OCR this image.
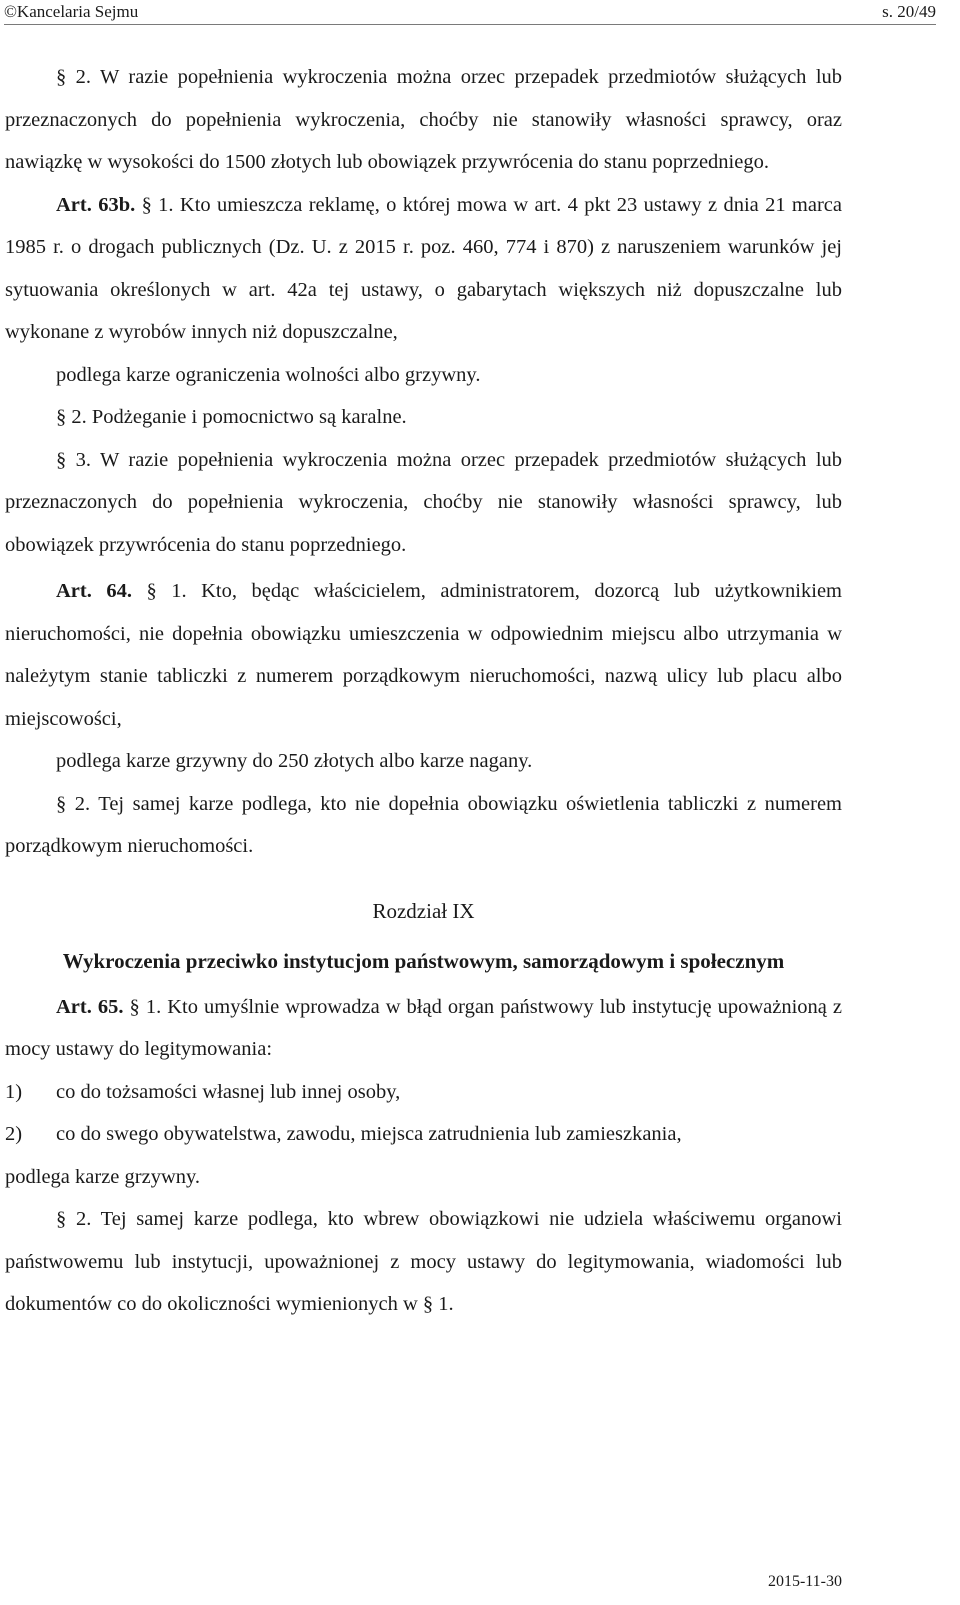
©Kancelaria Sejmu	s. 20/49

§ 2. W razie popełnienia wykroczenia można orzec przepadek przedmiotów służących lub przeznaczonych do popełnienia wykroczenia, choćby nie stanowiły własności sprawcy, oraz nawiązkę w wysokości do 1500 złotych lub obowiązek przywrócenia do stanu poprzedniego.

Art. 63b. § 1. Kto umieszcza reklamę, o której mowa w art. 4 pkt 23 ustawy z dnia 21 marca 1985 r. o drogach publicznych (Dz. U. z 2015 r. poz. 460, 774 i 870) z naruszeniem warunków jej sytuowania określonych w art. 42a tej ustawy, o gabarytach większych niż dopuszczalne lub wykonane z wyrobów innych niż dopuszczalne,

podlega karze ograniczenia wolności albo grzywny.

§ 2. Podżeganie i pomocnictwo są karalne.

§ 3. W razie popełnienia wykroczenia można orzec przepadek przedmiotów służących lub przeznaczonych do popełnienia wykroczenia, choćby nie stanowiły własności sprawcy, lub obowiązek przywrócenia do stanu poprzedniego.

Art. 64. § 1. Kto, będąc właścicielem, administratorem, dozorcą lub użytkownikiem nieruchomości, nie dopełnia obowiązku umieszczenia w odpowiednim miejscu albo utrzymania w należytym stanie tabliczki z numerem porządkowym nieruchomości, nazwą ulicy lub placu albo miejscowości,

podlega karze grzywny do 250 złotych albo karze nagany.

§ 2. Tej samej karze podlega, kto nie dopełnia obowiązku oświetlenia tabliczki z numerem porządkowym nieruchomości.

Rozdział IX
Wykroczenia przeciwko instytucjom państwowym, samorządowym i społecznym

Art. 65. § 1. Kto umyślnie wprowadza w błąd organ państwowy lub instytucję upoważnioną z mocy ustawy do legitymowania:

1)	co do tożsamości własnej lub innej osoby,
2)	co do swego obywatelstwa, zawodu, miejsca zatrudnienia lub zamieszkania,

podlega karze grzywny.

§ 2. Tej samej karze podlega, kto wbrew obowiązkowi nie udziela właściwemu organowi państwowemu lub instytucji, upoważnionej z mocy ustawy do legitymowania, wiadomości lub dokumentów co do okoliczności wymienionych w § 1.

2015-11-30
